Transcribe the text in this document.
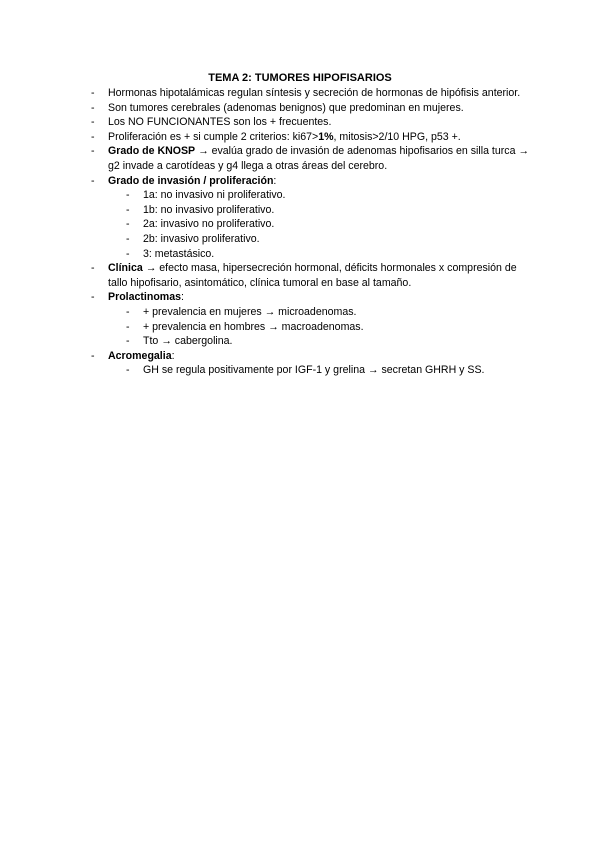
TEMA 2: TUMORES HIPOFISARIOS
- Hormonas hipotalámicas regulan síntesis y secreción de hormonas de hipófisis anterior.
- Son tumores cerebrales (adenomas benignos) que predominan en mujeres.
- Los NO FUNCIONANTES son los + frecuentes.
- Proliferación es + si cumple 2 criterios: ki67>1%, mitosis>2/10 HPG, p53 +.
- Grado de KNOSP → evalúa grado de invasión de adenomas hipofisarios en silla turca → g2 invade a carotídeas y g4 llega a otras áreas del cerebro.
- Grado de invasión / proliferación:
- 1a: no invasivo ni proliferativo.
- 1b: no invasivo proliferativo.
- 2a: invasivo no proliferativo.
- 2b: invasivo proliferativo.
- 3: metastásico.
- Clínica → efecto masa, hipersecreción hormonal, déficits hormonales x compresión de tallo hipofisario, asintomático, clínica tumoral en base al tamaño.
- Prolactinomas:
- + prevalencia en mujeres → microadenomas.
- + prevalencia en hombres → macroadenomas.
- Tto → cabergolina.
- Acromegalia:
- GH se regula positivamente por IGF-1 y grelina → secretan GHRH y SS.
